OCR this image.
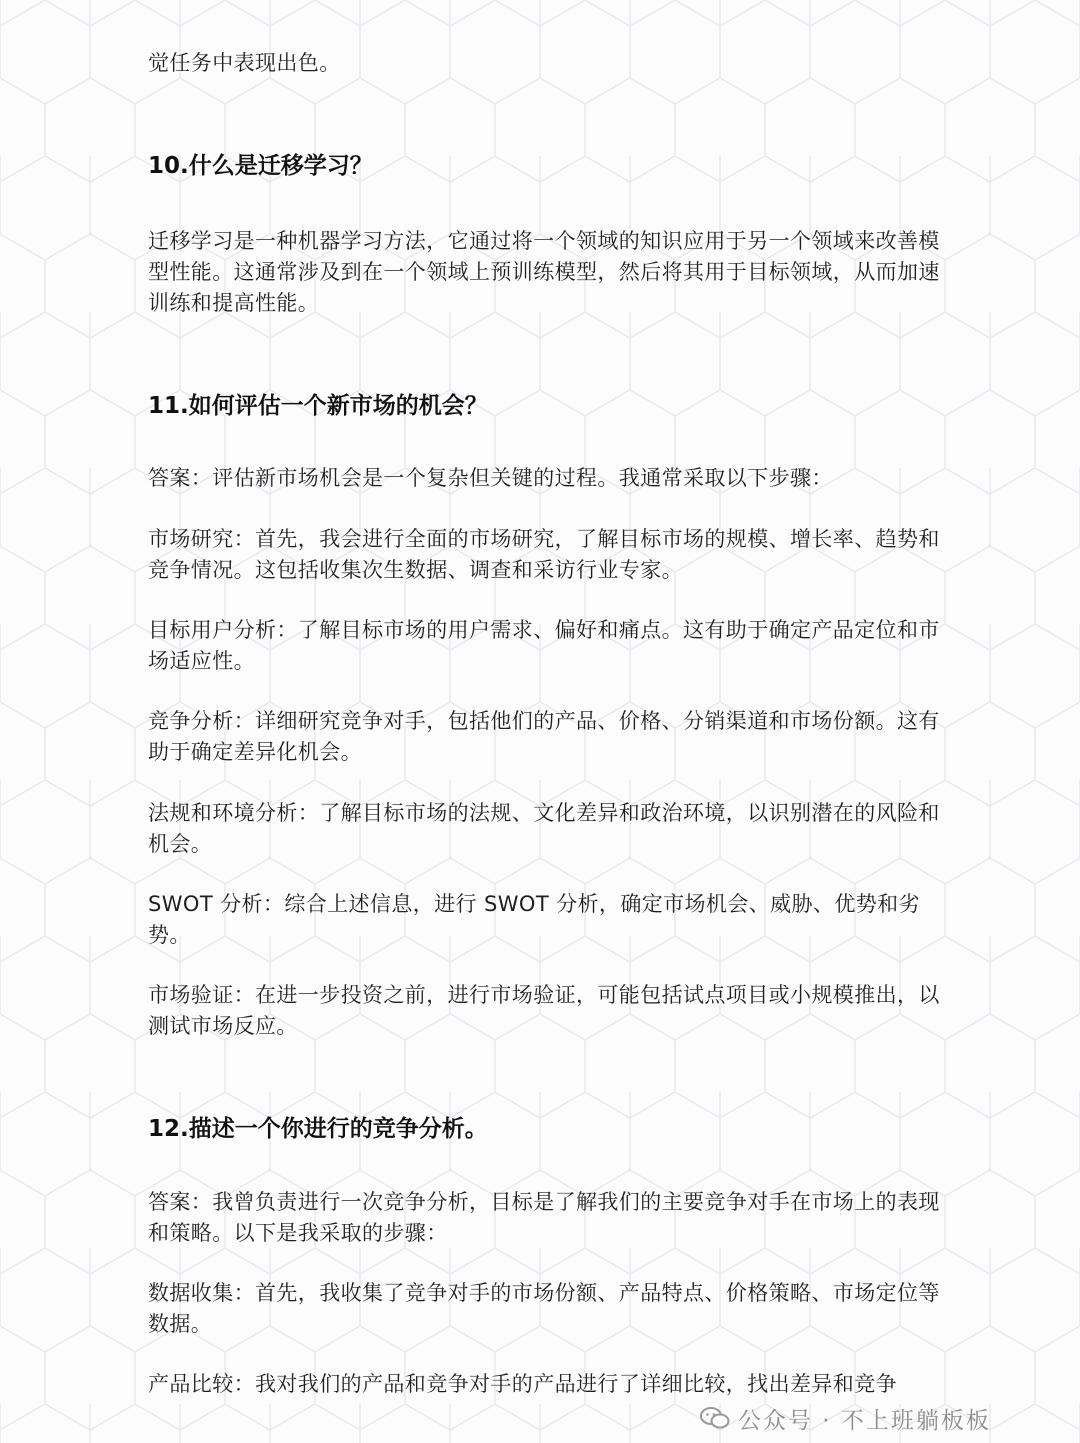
觉任务中表现出色。

10.什么是迁移学习？

迁移学习是一种机器学习方法，它通过将一个领域的知识应用于另一个领域来改善模型性能。这通常涉及到在一个领域上预训练模型，然后将其用于目标领域，从而加速训练和提高性能。

11.如何评估一个新市场的机会？

答案：评估新市场机会是一个复杂但关键的过程。我通常采取以下步骤：

市场研究：首先，我会进行全面的市场研究，了解目标市场的规模、增长率、趋势和竞争情况。这包括收集次生数据、调查和采访行业专家。

目标用户分析：了解目标市场的用户需求、偏好和痛点。这有助于确定产品定位和市场适应性。

竞争分析：详细研究竞争对手，包括他们的产品、价格、分销渠道和市场份额。这有助于确定差异化机会。

法规和环境分析：了解目标市场的法规、文化差异和政治环境，以识别潜在的风险和机会。

SWOT 分析：综合上述信息，进行 SWOT 分析，确定市场机会、威胁、优势和劣势。

市场验证：在进一步投资之前，进行市场验证，可能包括试点项目或小规模推出，以测试市场反应。

12.描述一个你进行的竞争分析。

答案：我曾负责进行一次竞争分析，目标是了解我们的主要竞争对手在市场上的表现和策略。以下是我采取的步骤：

数据收集：首先，我收集了竞争对手的市场份额、产品特点、价格策略、市场定位等数据。

产品比较：我对我们的产品和竞争对手的产品进行了详细比较，找出差异和竞争

公众号 · 不上班躺板板
